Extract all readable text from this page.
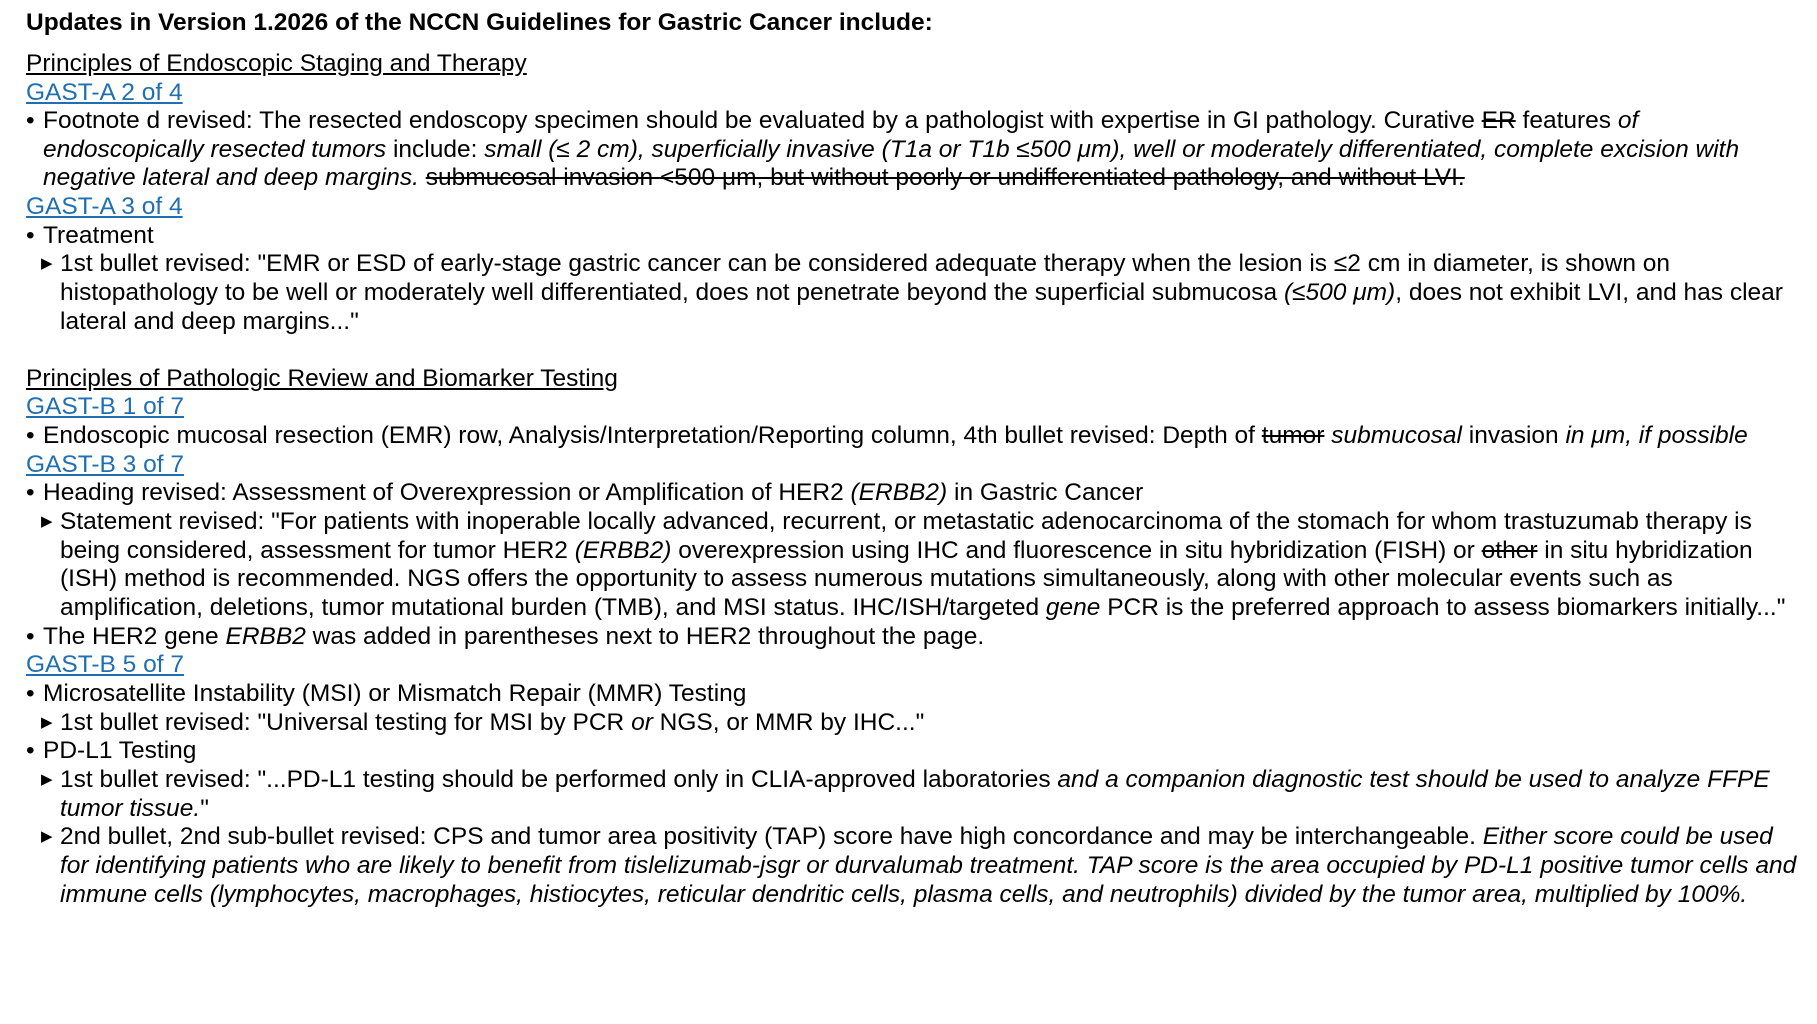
Updates in Version 1.2026 of the NCCN Guidelines for Gastric Cancer include:
Principles of Endoscopic Staging and Therapy
GAST-A 2 of 4
• Footnote d revised: The resected endoscopy specimen should be evaluated by a pathologist with expertise in GI pathology. Curative ER features of endoscopically resected tumors include: small (≤ 2 cm), superficially invasive (T1a or T1b ≤500 μm), well or moderately differentiated, complete excision with negative lateral and deep margins. submucosal invasion <500 μm, but without poorly or undifferentiated pathology, and without LVI.
GAST-A 3 of 4
• Treatment
▶ 1st bullet revised: "EMR or ESD of early-stage gastric cancer can be considered adequate therapy when the lesion is ≤2 cm in diameter, is shown on histopathology to be well or moderately well differentiated, does not penetrate beyond the superficial submucosa (≤500 μm), does not exhibit LVI, and has clear lateral and deep margins..."
Principles of Pathologic Review and Biomarker Testing
GAST-B 1 of 7
• Endoscopic mucosal resection (EMR) row, Analysis/Interpretation/Reporting column, 4th bullet revised: Depth of tumor submucosal invasion in μm, if possible
GAST-B 3 of 7
• Heading revised: Assessment of Overexpression or Amplification of HER2 (ERBB2) in Gastric Cancer
▶ Statement revised: "For patients with inoperable locally advanced, recurrent, or metastatic adenocarcinoma of the stomach for whom trastuzumab therapy is being considered, assessment for tumor HER2 (ERBB2) overexpression using IHC and fluorescence in situ hybridization (FISH) or other in situ hybridization (ISH) method is recommended. NGS offers the opportunity to assess numerous mutations simultaneously, along with other molecular events such as amplification, deletions, tumor mutational burden (TMB), and MSI status. IHC/ISH/targeted gene PCR is the preferred approach to assess biomarkers initially..."
• The HER2 gene ERBB2 was added in parentheses next to HER2 throughout the page.
GAST-B 5 of 7
• Microsatellite Instability (MSI) or Mismatch Repair (MMR) Testing
▶ 1st bullet revised: "Universal testing for MSI by PCR or NGS, or MMR by IHC..."
• PD-L1 Testing
▶ 1st bullet revised: "...PD-L1 testing should be performed only in CLIA-approved laboratories and a companion diagnostic test should be used to analyze FFPE tumor tissue."
▶ 2nd bullet, 2nd sub-bullet revised: CPS and tumor area positivity (TAP) score have high concordance and may be interchangeable. Either score could be used for identifying patients who are likely to benefit from tislelizumab-jsgr or durvalumab treatment. TAP score is the area occupied by PD-L1 positive tumor cells and immune cells (lymphocytes, macrophages, histiocytes, reticular dendritic cells, plasma cells, and neutrophils) divided by the tumor area, multiplied by 100%.
